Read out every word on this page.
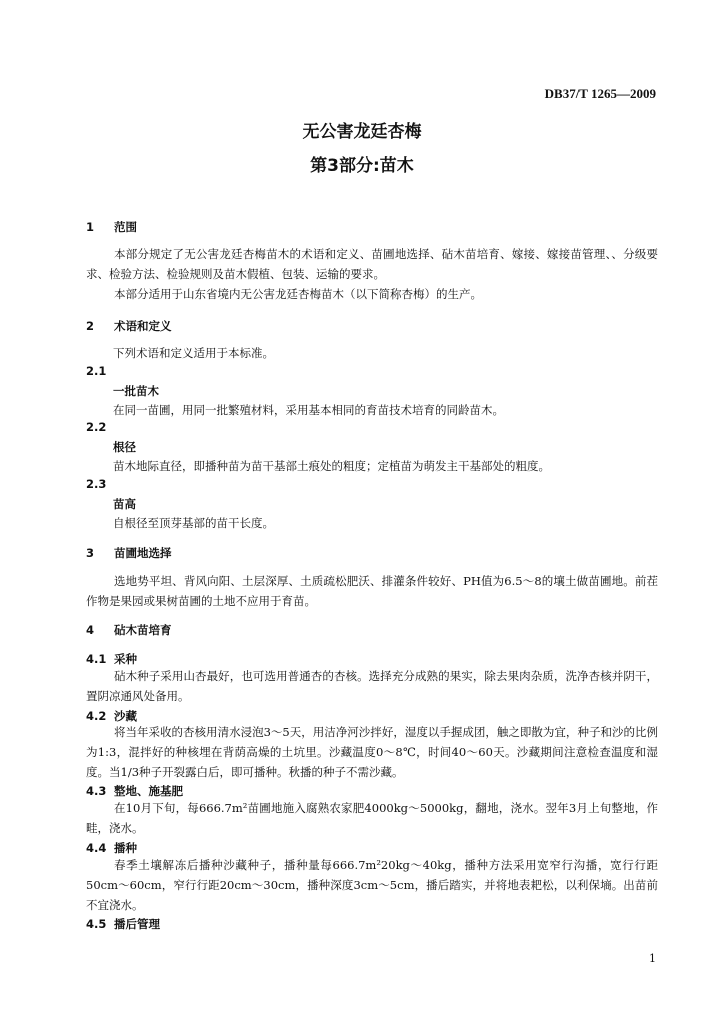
DB37/T 1265—2009
无公害龙廷杏梅
第3部分:苗木
1 范围

本部分规定了无公害龙廷杏梅苗木的术语和定义、苗圃地选择、砧木苗培育、嫁接、嫁接苗管理、、分级要求、检验方法、检验规则及苗木假植、包装、运输的要求。

本部分适用于山东省境内无公害龙廷杏梅苗木（以下简称杏梅）的生产。

2 术语和定义
下列术语和定义适用于本标准。
2.1
一批苗木
在同一苗圃，用同一批繁殖材料，采用基本相同的育苗技术培育的同龄苗木。
2.2
根径
苗木地际直径，即播种苗为苗干基部土痕处的粗度；定植苗为萌发主干基部处的粗度。
2.3
苗高
自根径至顶芽基部的苗干长度。
3 苗圃地选择

选地势平坦、背风向阳、土层深厚、土质疏松肥沃、排灌条件较好、PH值为6.5～8的壤土做苗圃地。前茬作物是果园或果树苗圃的土地不应用于育苗。

4 砧木苗培育
4.1 采种

砧木种子采用山杏最好，也可选用普通杏的杏核。选择充分成熟的果实，除去果肉杂质，洗净杏核并阴干，置阴凉通风处备用。

4.2 沙藏

将当年采收的杏核用清水浸泡3～5天，用洁净河沙拌好，湿度以手握成团，触之即散为宜，种子和沙的比例为1:3，混拌好的种核埋在背荫高燥的土坑里。沙藏温度0～8℃，时间40～60天。沙藏期间注意检查温度和湿度。当1/3种子开裂露白后，即可播种。秋播的种子不需沙藏。

4.3 整地、施基肥

在10月下旬，每666.7m²苗圃地施入腐熟农家肥4000kg～5000kg，翻地，浇水。翌年3月上旬整地，作畦，浇水。

4.4 播种

春季土壤解冻后播种沙藏种子，播种量每666.7m²20kg～40kg，播种方法采用宽窄行沟播，宽行行距50cm～60cm，窄行行距20cm～30cm，播种深度3cm～5cm，播后踏实，并将地表耙松，以利保墒。出苗前不宜浇水。

4.5 播后管理
1
